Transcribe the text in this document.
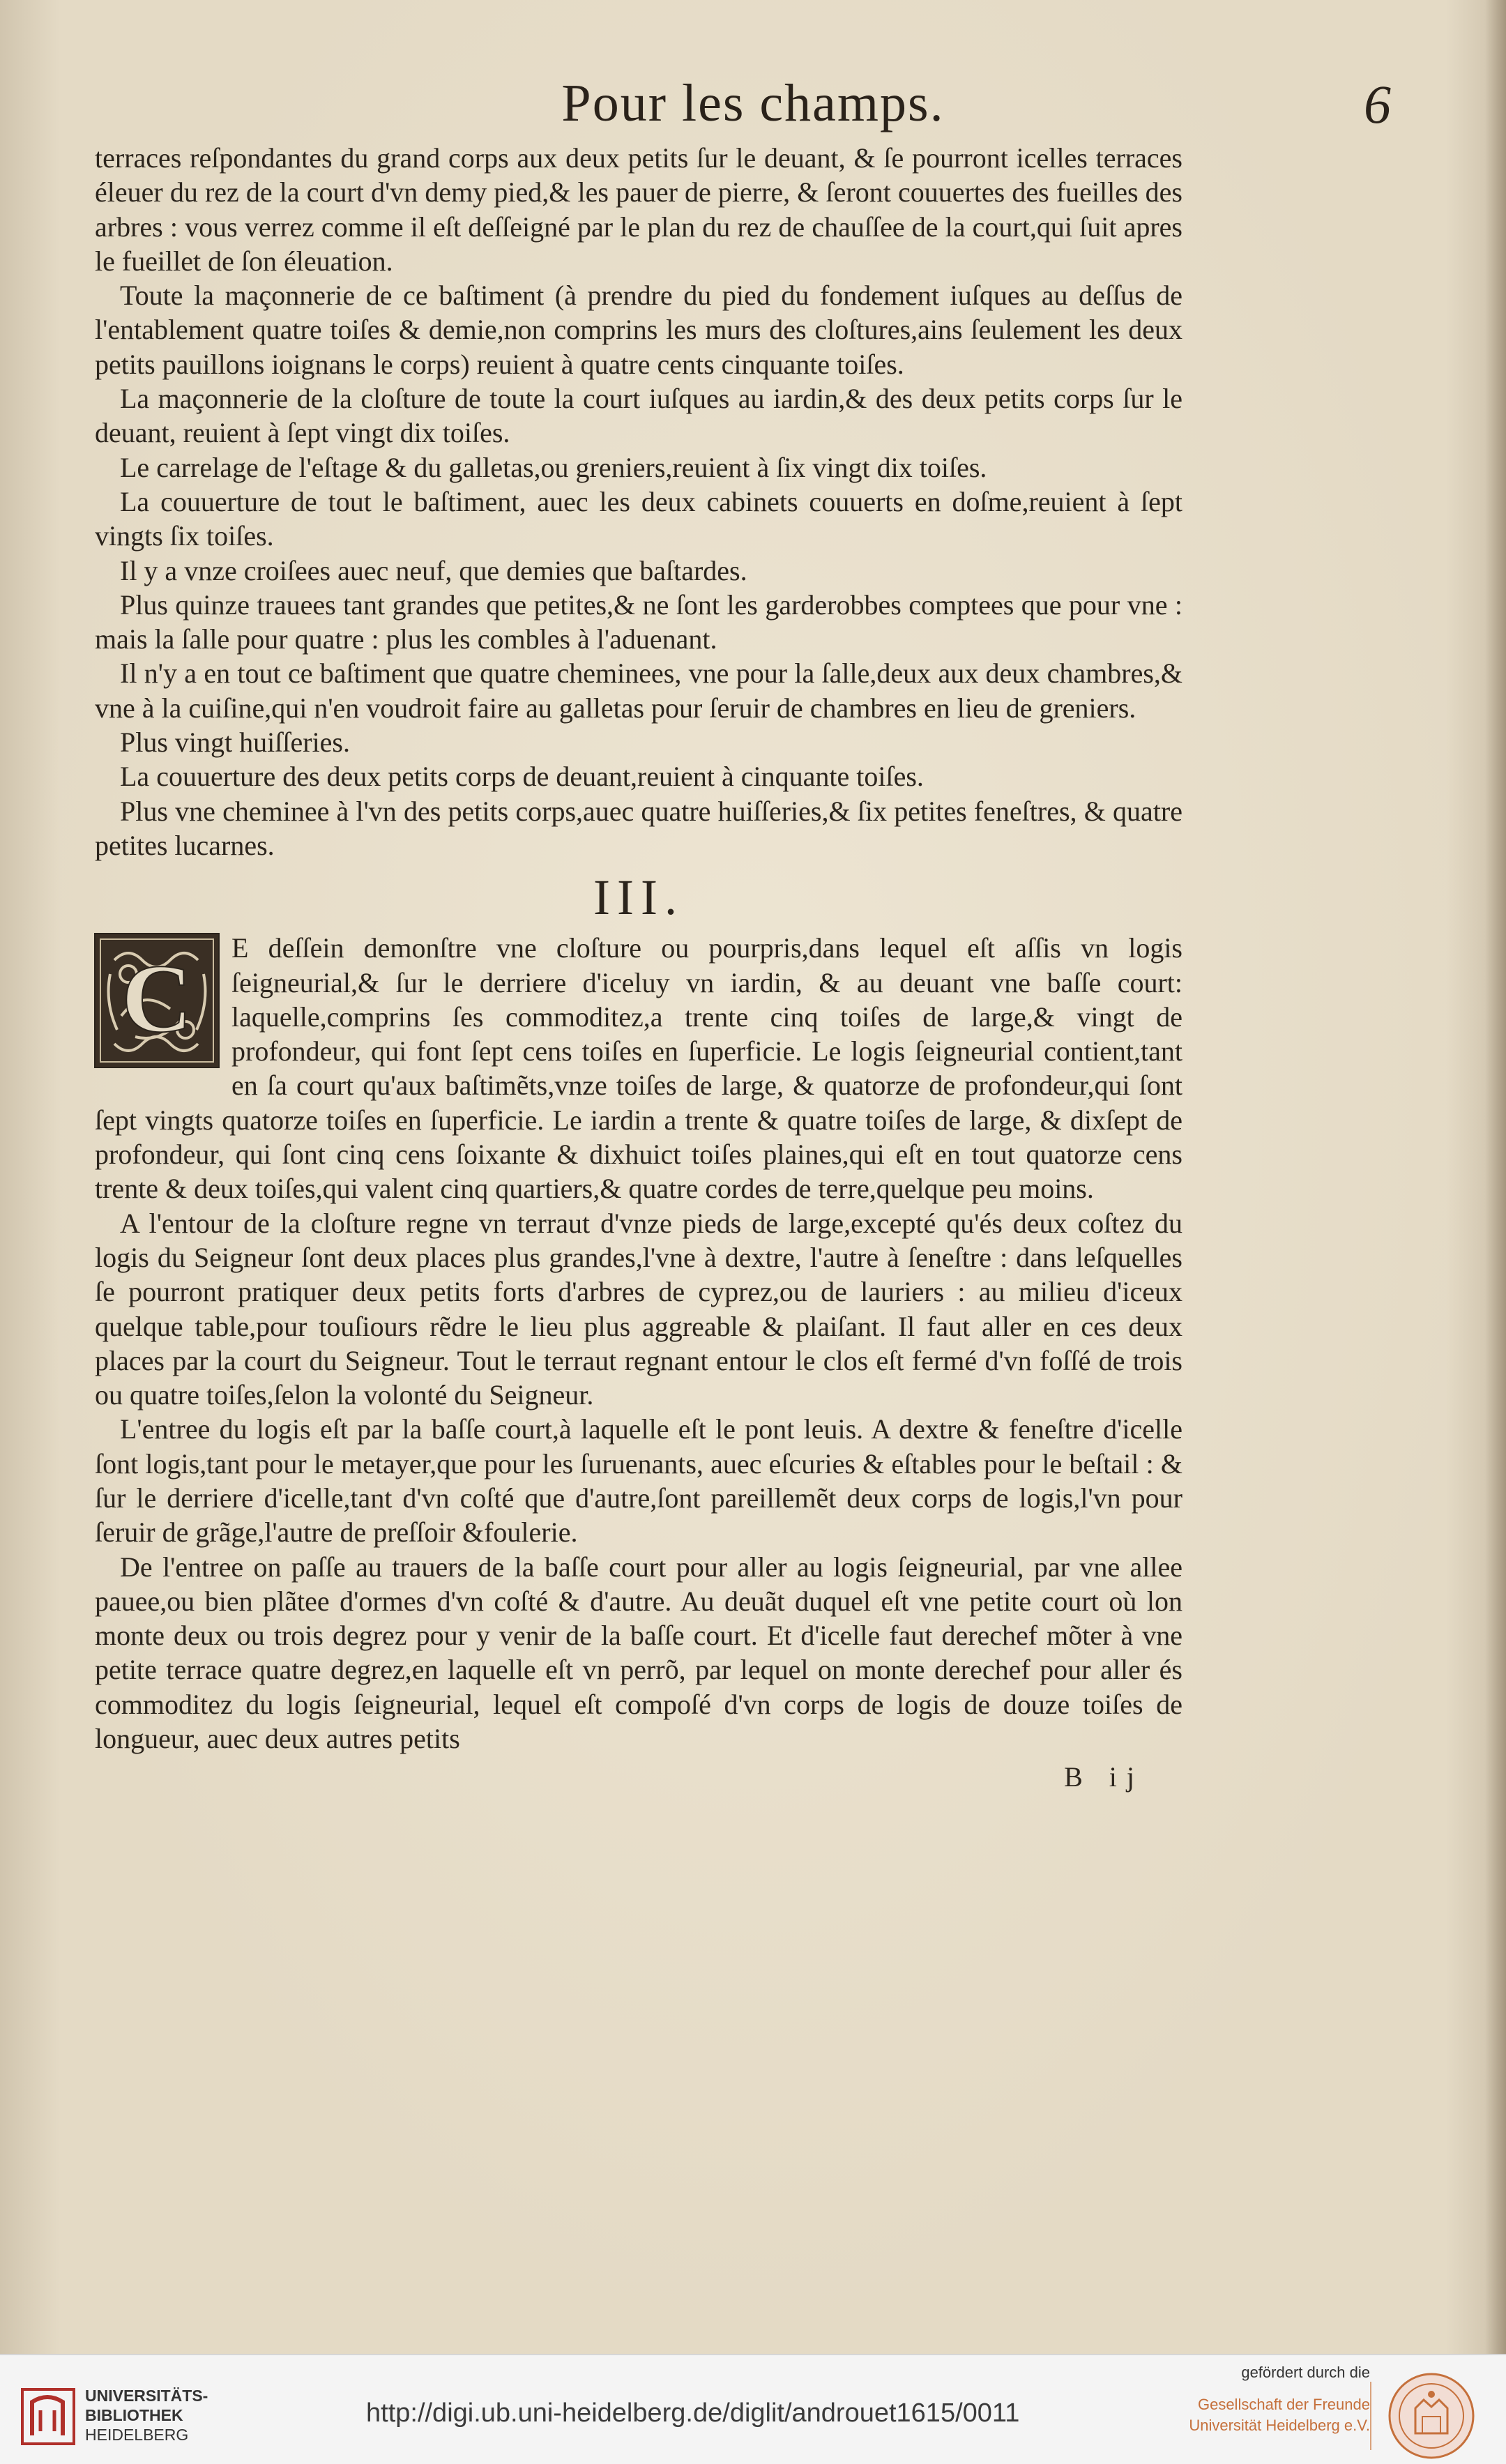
Pour les champs.	6

terraces reſpondantes du grand corps aux deux petits ſur le deuant, & ſe pourront icelles terraces éleuer du rez de la court d'vn demy pied,& les pauer de pierre, & ſeront couuertes des fueilles des arbres : vous verrez comme il eſt deſſeigné par le plan du rez de chauſſee de la court,qui ſuit apres le fueillet de ſon éleuation.

Toute la maçonnerie de ce baſtiment (à prendre du pied du fondement iuſques au deſſus de l'entablement quatre toiſes & demie,non comprins les murs des cloſtures,ains ſeulement les deux petits pauillons ioignans le corps) reuient à quatre cents cinquante toiſes.

La maçonnerie de la cloſture de toute la court iuſques au iardin,& des deux petits corps ſur le deuant, reuient à ſept vingt dix toiſes.

Le carrelage de l'eſtage & du galletas,ou greniers,reuient à ſix vingt dix toiſes.

La couuerture de tout le baſtiment, auec les deux cabinets couuerts en doſme,reuient à ſept vingts ſix toiſes.

Il y a vnze croiſees auec neuf, que demies que baſtardes.

Plus quinze trauees tant grandes que petites,& ne ſont les garderobbes comptees que pour vne : mais la ſalle pour quatre : plus les combles à l'aduenant.

Il n'y a en tout ce baſtiment que quatre cheminees, vne pour la ſalle,deux aux deux chambres,& vne à la cuiſine,qui n'en voudroit faire au galletas pour ſeruir de chambres en lieu de greniers.

Plus vingt huiſſeries.

La couuerture des deux petits corps de deuant,reuient à cinquante toiſes.

Plus vne cheminee à l'vn des petits corps,auec quatre huiſſeries,& ſix petites feneſtres, & quatre petites lucarnes.

III.
C	E deſſein demonſtre vne cloſture ou pourpris,dans lequel eſt aſſis vn logis ſeigneurial,& ſur le derriere d'iceluy vn iardin, & au deuant vne baſſe court: laquelle,comprins ſes commoditez,a trente cinq toiſes de large,& vingt de profondeur, qui font ſept cens toiſes en ſuperficie. Le logis ſeigneurial contient,tant en ſa court qu'aux baſtimẽts,vnze toiſes de large, & quatorze de profondeur,qui ſont ſept vingts quatorze toiſes en ſuperficie. Le iardin a trente & quatre toiſes de large, & dixſept de profondeur, qui ſont cinq cens ſoixante & dixhuict toiſes plaines,qui eſt en tout quatorze cens trente & deux toiſes,qui valent cinq quartiers,& quatre cordes de terre,quelque peu moins.

A l'entour de la cloſture regne vn terraut d'vnze pieds de large,excepté qu'és deux coſtez du logis du Seigneur ſont deux places plus grandes,l'vne à dextre, l'autre à ſeneſtre : dans leſquelles ſe pourront pratiquer deux petits forts d'arbres de cyprez,ou de lauriers : au milieu d'iceux quelque table,pour touſiours rẽdre le lieu plus aggreable & plaiſant. Il faut aller en ces deux places par la court du Seigneur. Tout le terraut regnant entour le clos eſt fermé d'vn foſſé de trois ou quatre toiſes,ſelon la volonté du Seigneur.

L'entree du logis eſt par la baſſe court,à laquelle eſt le pont leuis. A dextre & feneſtre d'icelle ſont logis,tant pour le metayer,que pour les ſuruenants, auec eſcuries & eſtables pour le beſtail : & ſur le derriere d'icelle,tant d'vn coſté que d'autre,ſont pareillemẽt deux corps de logis,l'vn pour ſeruir de grãge,l'autre de preſſoir &foulerie.

De l'entree on paſſe au trauers de la baſſe court pour aller au logis ſeigneurial, par vne allee pauee,ou bien plãtee d'ormes d'vn coſté & d'autre. Au deuãt duquel eſt vne petite court où lon monte deux ou trois degrez pour y venir de la baſſe court. Et d'icelle faut derechef mõter à vne petite terrace quatre degrez,en laquelle eſt vn perrõ, par lequel on monte derechef pour aller és commoditez du logis ſeigneurial, lequel eſt compoſé d'vn corps de logis de douze toiſes de longueur, auec deux autres petits

B ij
UNIVERSITÄTS-
BIBLIOTHEK
HEIDELBERG
http://digi.ub.uni-heidelberg.de/diglit/androuet1615/0011
gefördert durch die
Gesellschaft der Freunde
Universität Heidelberg e.V.
